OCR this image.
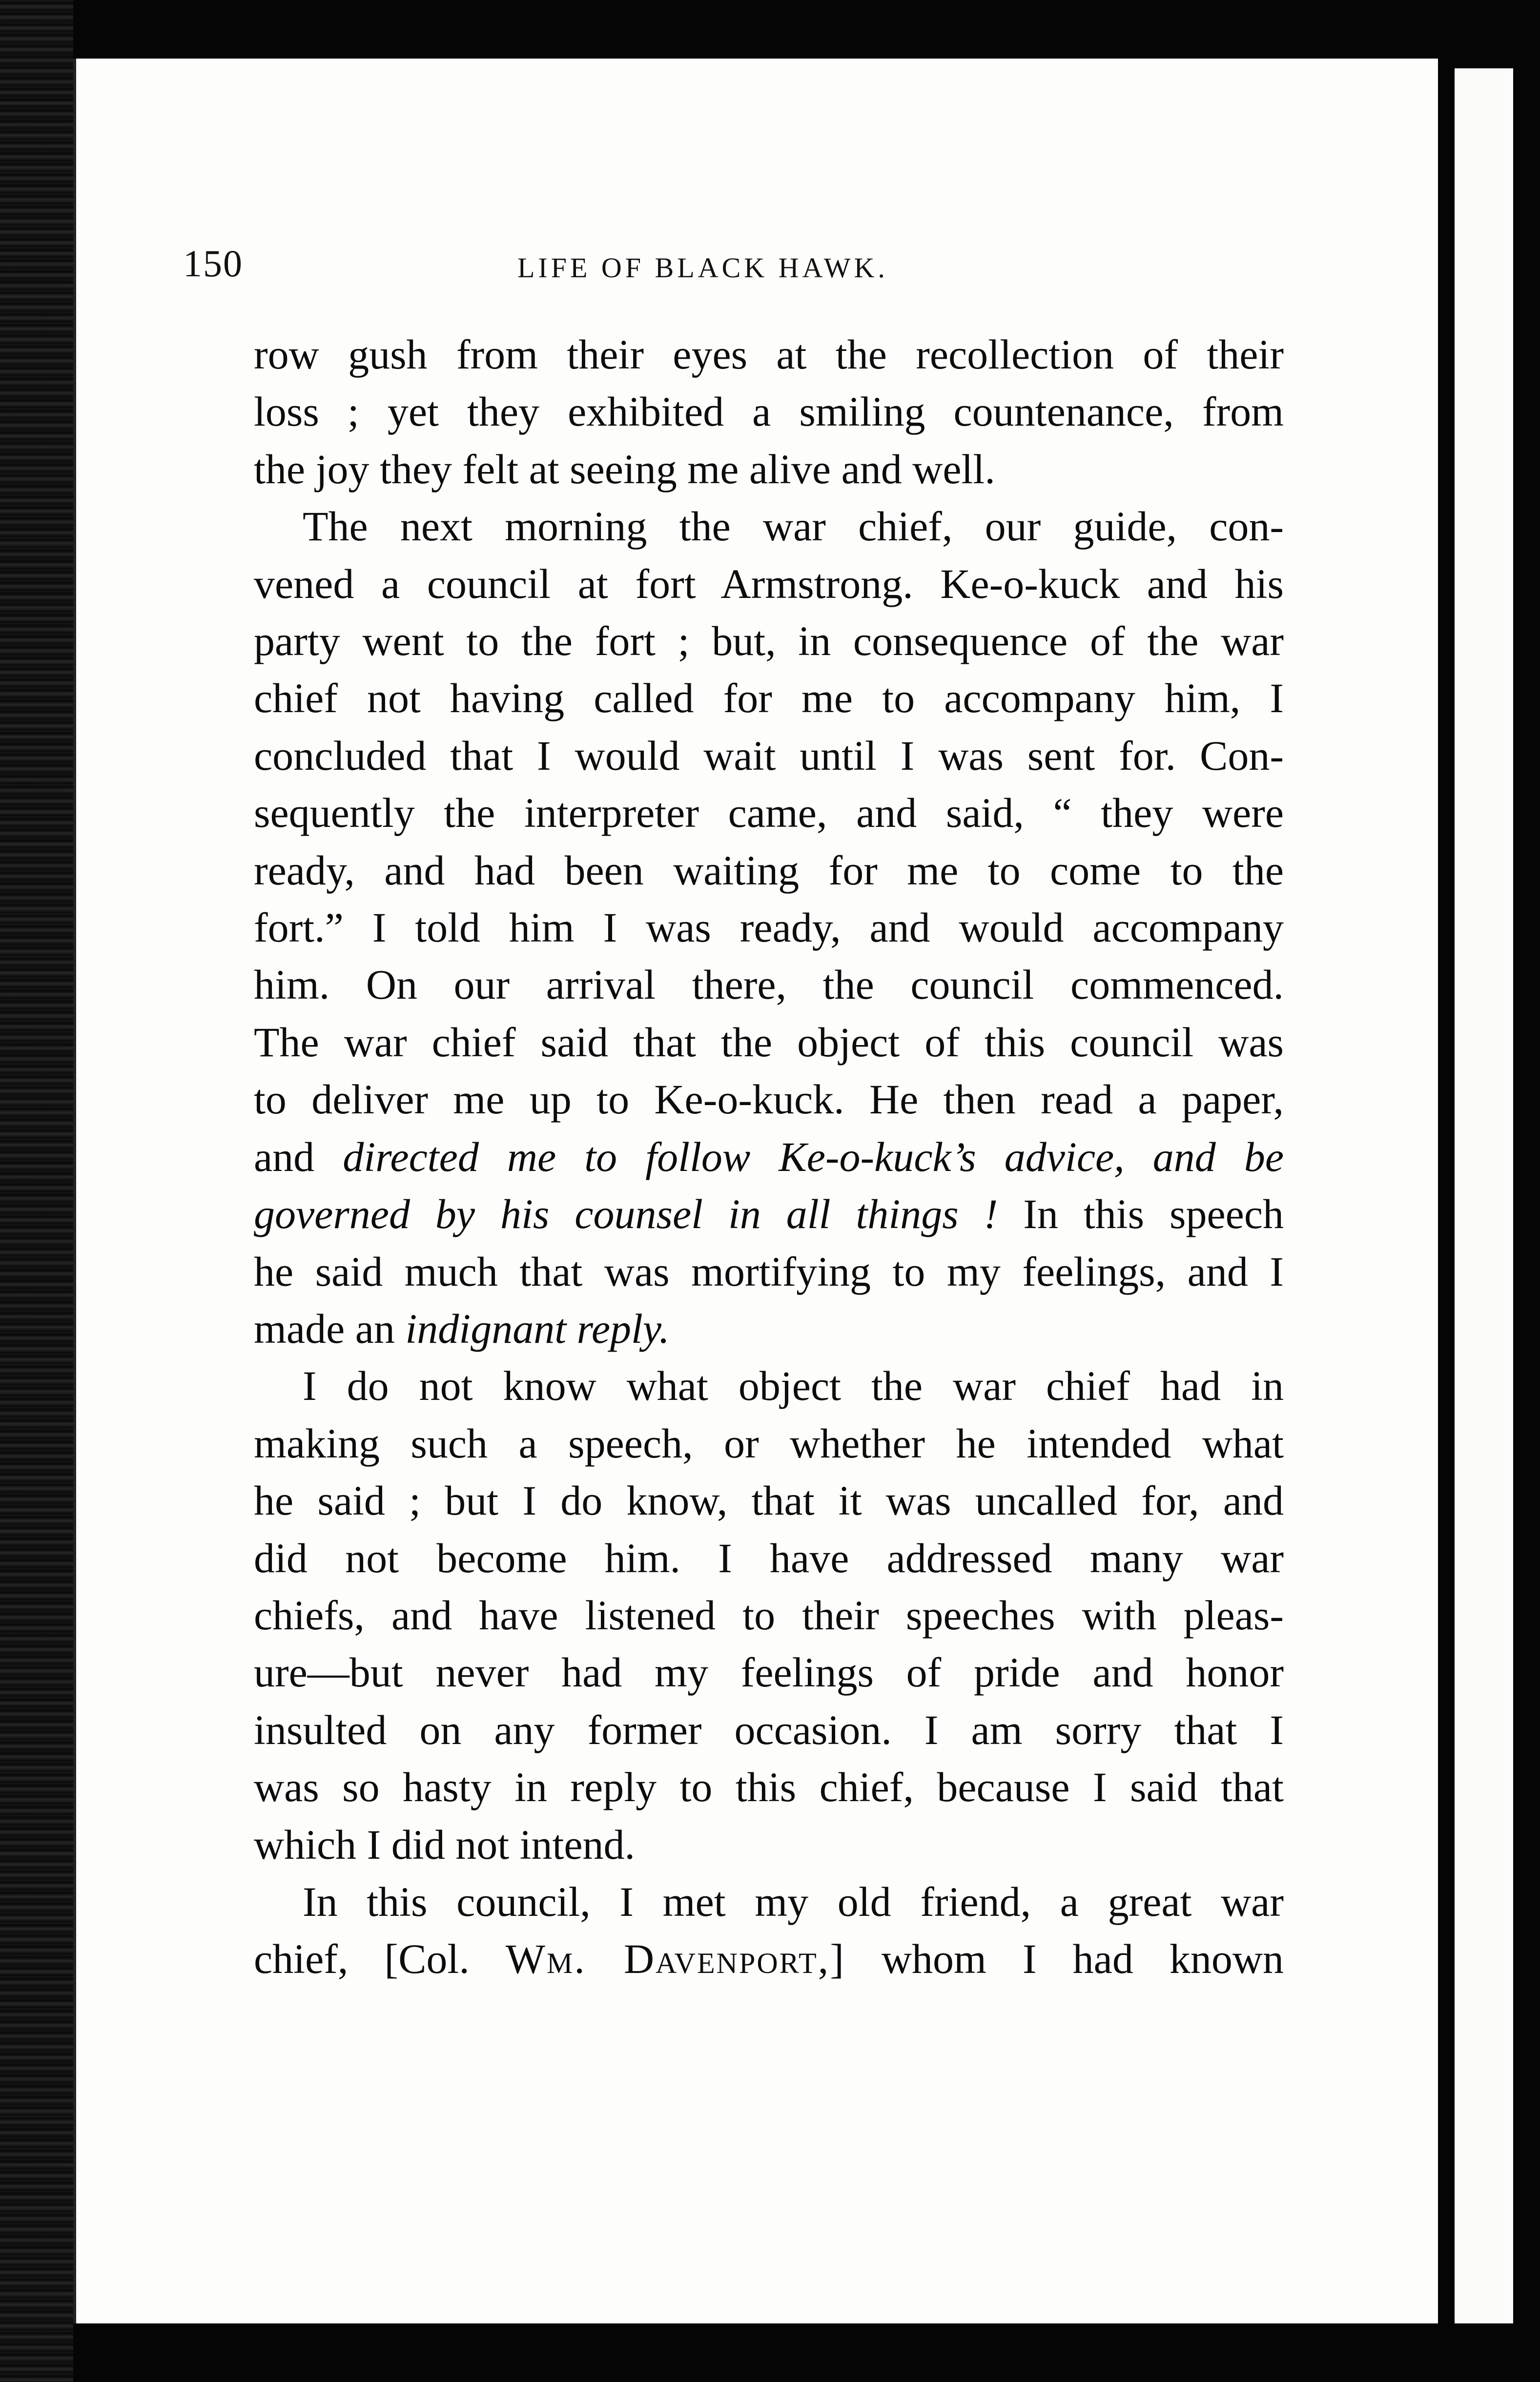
150	LIFE OF BLACK HAWK.

row gush from their eyes at the recollection of their

loss ; yet they exhibited a smiling countenance, from

the joy they felt at seeing me alive and well.

The next morning the war chief, our guide, con-

vened a council at fort Armstrong. Ke-o-kuck and his

party went to the fort ; but, in consequence of the war

chief not having called for me to accompany him, I

concluded that I would wait until I was sent for. Con-

sequently the interpreter came, and said, “ they were

ready, and had been waiting for me to come to the

fort.” I told him I was ready, and would accompany

him. On our arrival there, the council commenced.

The war chief said that the object of this council was

to deliver me up to Ke-o-kuck. He then read a paper,

and directed me to follow Ke-o-kuck’s advice, and be

governed by his counsel in all things ! In this speech

he said much that was mortifying to my feelings, and I

made an indignant reply.

I do not know what object the war chief had in

making such a speech, or whether he intended what

he said ; but I do know, that it was uncalled for, and

did not become him. I have addressed many war

chiefs, and have listened to their speeches with pleas-

ure—but never had my feelings of pride and honor

insulted on any former occasion. I am sorry that I

was so hasty in reply to this chief, because I said that

which I did not intend.

In this council, I met my old friend, a great war

chief, [Col. Wm. Davenport,] whom I had known
